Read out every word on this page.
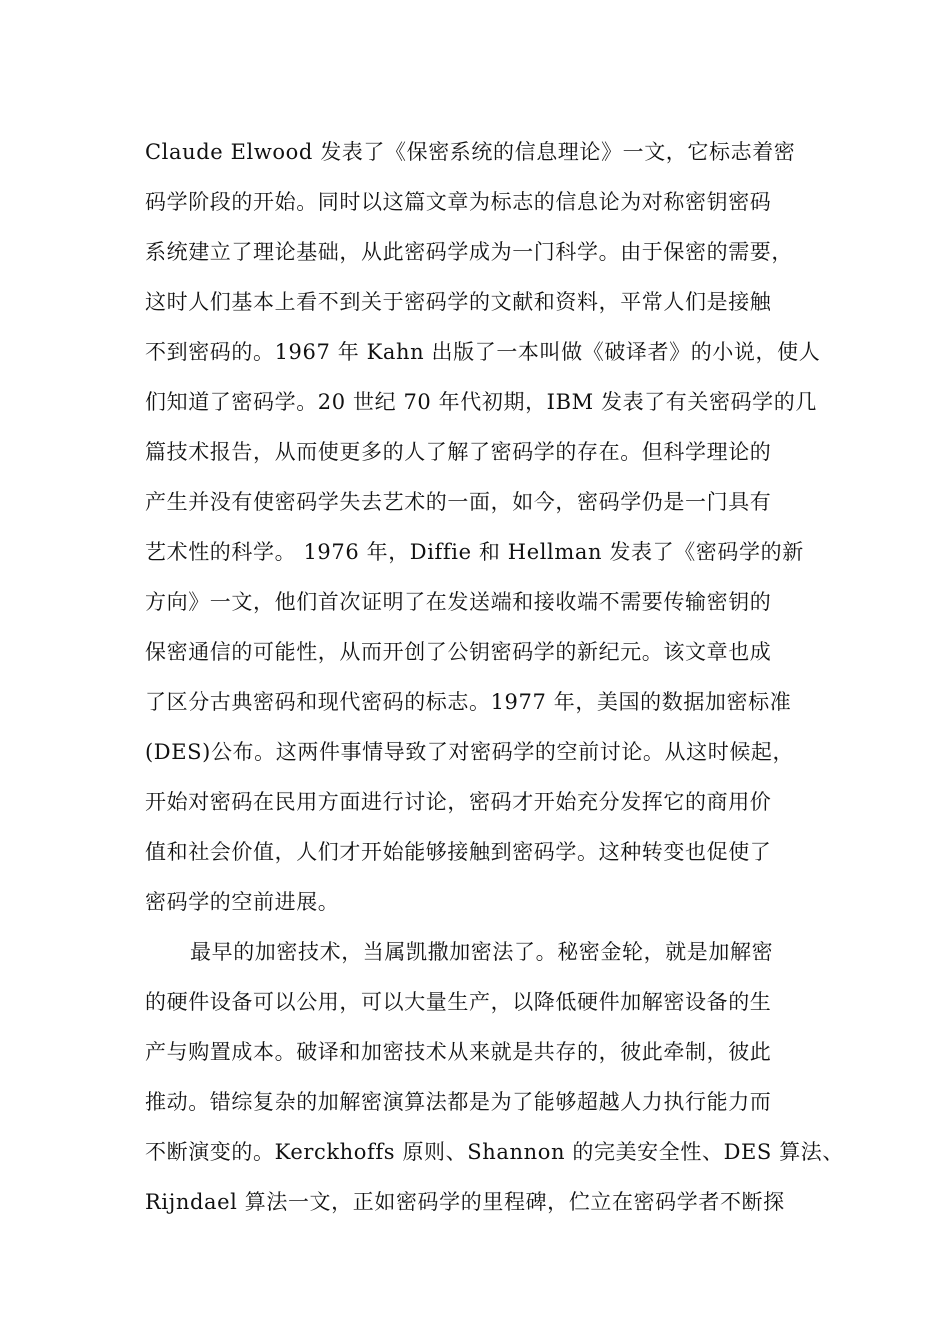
Claude Elwood 发表了《保密系统的信息理论》一文，它标志着密
码学阶段的开始。同时以这篇文章为标志的信息论为对称密钥密码
系统建立了理论基础，从此密码学成为一门科学。由于保密的需要，
这时人们基本上看不到关于密码学的文献和资料，平常人们是接触
不到密码的。1967 年 Kahn 出版了一本叫做《破译者》的小说，使人
们知道了密码学。20 世纪 70 年代初期，IBM 发表了有关密码学的几
篇技术报告，从而使更多的人了解了密码学的存在。但科学理论的
产生并没有使密码学失去艺术的一面，如今，密码学仍是一门具有
艺术性的科学。 1976 年，Diffie 和 Hellman 发表了《密码学的新
方向》一文，他们首次证明了在发送端和接收端不需要传输密钥的
保密通信的可能性，从而开创了公钥密码学的新纪元。该文章也成
了区分古典密码和现代密码的标志。1977 年，美国的数据加密标准
(DES)公布。这两件事情导致了对密码学的空前讨论。从这时候起，
开始对密码在民用方面进行讨论，密码才开始充分发挥它的商用价
值和社会价值，人们才开始能够接触到密码学。这种转变也促使了
密码学的空前进展。
最早的加密技术，当属凯撒加密法了。秘密金轮，就是加解密
的硬件设备可以公用，可以大量生产，以降低硬件加解密设备的生
产与购置成本。破译和加密技术从来就是共存的，彼此牵制，彼此
推动。错综复杂的加解密演算法都是为了能够超越人力执行能力而
不断演变的。Kerckhoffs 原则、Shannon 的完美安全性、DES 算法、
Rijndael 算法一文，正如密码学的里程碑，伫立在密码学者不断探
